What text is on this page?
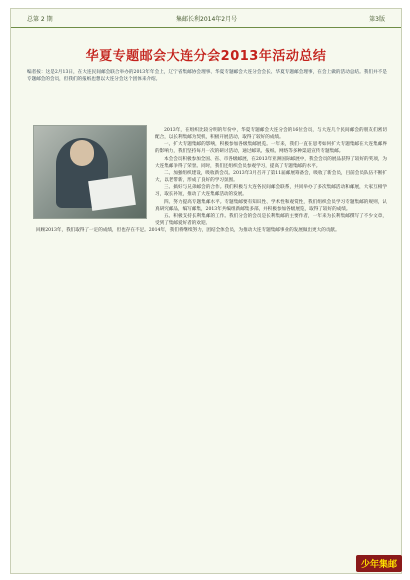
总第 2 期	集邮长利2014年2月号	第3版
华夏专题邮会大连分会2013年活动总结
编者按：这是2月13日，在大连民间邮会联合举办的2013年年会上，辽宁省集邮协会理事、华夏专题邮会大连分会会长、华夏专题邮会理事，在会上做的活动总结。我们并不是专题邮会的会员，但我们的报纸也想以大连分会这个团体来介绍。

2013年，在组织比较分明的年份中，华夏专题邮会大连分会的16位会员，与大连几个民间邮会的朋友们密切配合，以长利集邮为契机，积极开展活动，取得了较好的成绩。

一、扩大专题集邮的影响，积极参加各级集邮展览。一年来，我们一直在思考如何扩大专题集邮在大连集邮界的影响力，我们坚持每月一次的研讨活动，通过邮讯、报纸、网络等多种渠道宣传专题集邮。

本会会员积极参加全国、省、市各级邮展，在2013年亚洲国际邮展中，我会会员的展品获得了较好的奖项，为大连集邮争得了荣誉。同时，我们还组织会员参观学习，提高了专题集邮的水平。

二、加强组织建设，吸收新会员。2013年3月召开了第11届邮展筹备会，吸收了新会员，目前会员队伍不断扩大，以老带新，形成了良好的学习氛围。

三、搞好与兄弟邮会的合作。我们积极与大连各民间邮会联系，共同举办了多次集邮活动和邮展，大家互相学习，取长补短，推动了大连集邮活动的发展。

四、努力提高专题集邮水平。专题集邮要有知识性、学术性和观赏性，我们组织会员学习专题集邮的规则，认真研究邮品，编写邮集，2013年共编组新邮集多部，并积极参加各级展览，取得了较好的成绩。

五、积极支持长利集邮的工作。我们分会的会员是长利集邮的主要作者，一年来为长利集邮撰写了不少文章，受到了集邮爱好者的欢迎。

回顾2013年，我们取得了一定的成绩，但也存在不足。2014年，我们将继续努力，团结全体会员，为推动大连专题集邮事业的发展做出更大的贡献。

少年集邮
